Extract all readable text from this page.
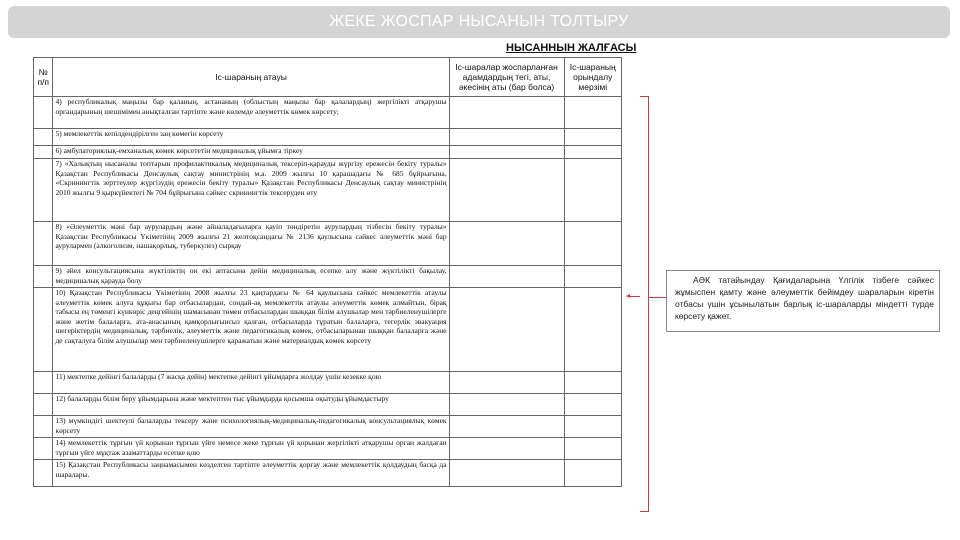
ЖЕКЕ ЖОСПАР НЫСАНЫН ТОЛТЫРУ
НЫСАННЫН ЖАЛҒАСЫ
№ п/п	Іс-шараның атауы	Іс-шаралар жоспарланған адамдардың тегі, аты, әкесінің аты (бар болса)	Іс-шараның орындалу мерзімі
	4) республикалық маңызы бар қаланың, астананың (облыстың маңызы бар қалалардың) жергілікті атқарушы органдарының шешімімен анықталған тәртіпте және көлемде әлеуметтік көмек көрсету;		
	5) мемлекеттік кепілдендірілген заң көмегін көрсету		
	6) амбулаториялық-емханалық көмек көрсететін медициналық ұйымға тіркеу		
	7) «Халықтың нысаналы топтарын профилактикалық медициналық тексеріп-қарауды жүргізу ережесін бекіту туралы» Қазақстан Республикасы Денсаулық сақтау министрінің м.а. 2009 жылғы 10 қарашадағы № 685 бұйрығына, «Скринингтік зерттеулер жүргізудің ережесін бекіту туралы» Қазақстан Республикасы Денсаулық сақтау министрінің 2010 жылғы 9 қыркүйектегі № 704 бұйрығына сәйкес скринингтік тексеруден өту		
	8) «Әлеуметтік мәні бар аурулардың және айналадағыларға қауіп төндіретін аурулардың тізбесін бекіту туралы» Қазақстан Республикасы Үкіметінің 2009 жылғы 21 желтоқсандағы № 2136 қаулысына сәйкес әлеуметтік мәні бар аурулармен (алкоголизм, нашақорлық, туберкулез) сырқау		
	9) әйел консультациясына жүктіліктің он екі аптасына дейін медициналық есепке алу және жүктілікті бақылау, медициналық қарауда болу		
	10) Қазақстан Республикасы Үкіметінің 2008 жылғы 23 қаңтардағы № 64 қаулысына сәйкес мемлекеттік атаулы әлеуметтік көмек алуға құқығы бар отбасылардан, сондай-ақ мемлекеттік атаулы әлеуметтік көмек алмайтын, бірақ табысы ең төменгі күнкөріс деңгейінің шамасынан төмен отбасылардан шыққан білім алушылар мен тәрбиеленушілерге және жетім балаларға, ата-анасының қамқорлығынсыз қалған, отбасыларда тұратын балаларға, тегерлік эвакуация шегеріктердің медициналық, тәрбиелік, әлеуметтік және педагогикалық көмек, отбасыларынан шыққан балаларға және де сақталуға білім алушылар мен тәрбиеленушілерге қаражатын және материалдық көмек көрсету		
	11) мектепке дейінгі балаларды (7 жасқа дейін) мектепке дейінгі ұйымдарға жолдау үшін кезекке қою		
	12) балаларды білім беру ұйымдарына және мектептен тыс ұйымдарда қосымша оқытуды ұйымдастыру		
	13) мүмкіндігі шектеулі балаларды тексеру және психологиялық-медициналық-педагогикалық консультациялық көмек көрсету		
	14) мемлекеттік тұрғын үй қорынан тұрғын үйге немесе жеке тұрғын үй қорынан жергілікті атқарушы орган жалдаған тұрғын үйге мұқтаж азаматтарды есепке қою		
	15) Қазақстан Республикасы заңнамасымен көзделген тәртіпте әлеуметтік қорғау және мемлекеттік қолдаудың басқа да шаралары.		
АӘК татайындау Қағидаларына Үлгілік тізбеге сәйкес жұмыспен қамту және әлеуметтік бейімдеу шараларын кіретін отбасы үшін ұсынылатын барлық іс-шараларды міндетті түрде көрсету қажет.
